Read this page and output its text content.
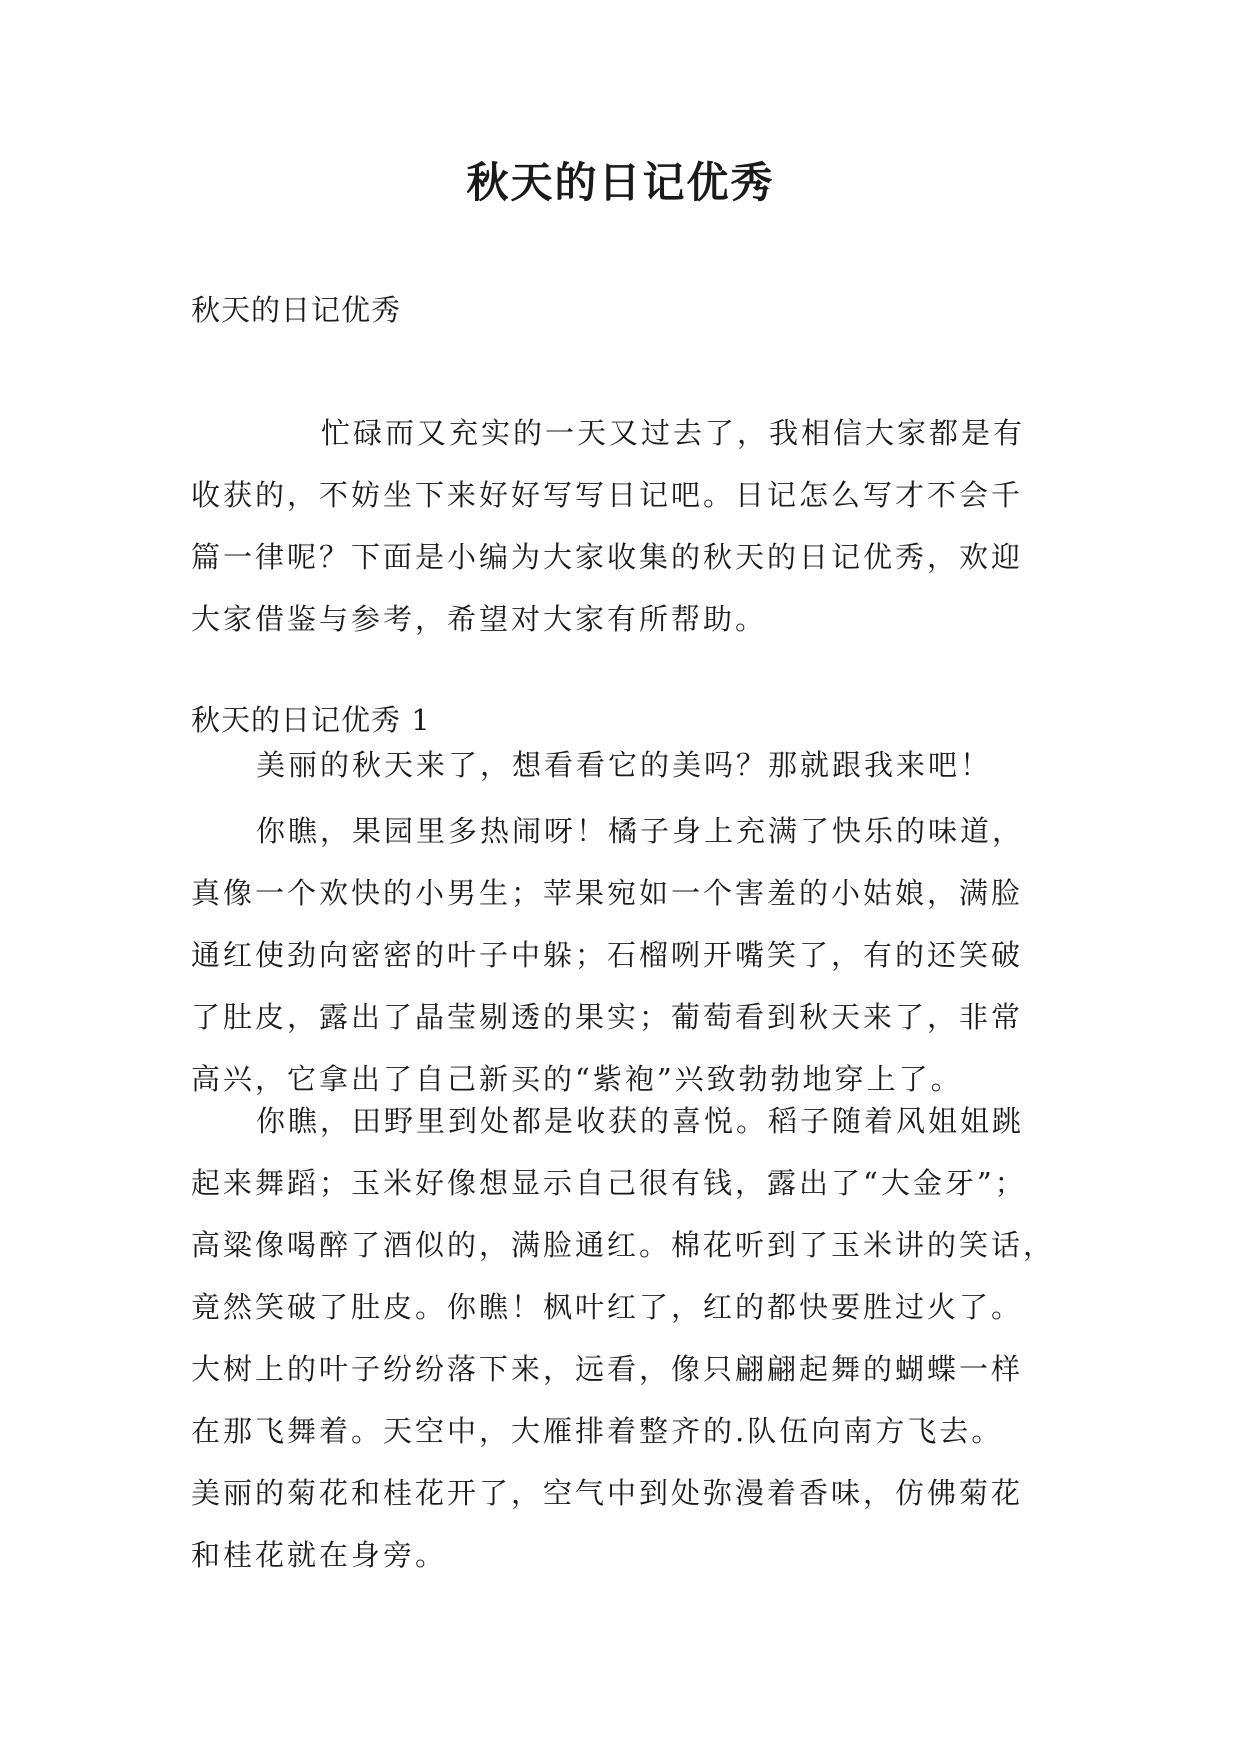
秋天的日记优秀
秋天的日记优秀
忙碌而又充实的一天又过去了，我相信大家都是有
收获的，不妨坐下来好好写写日记吧。日记怎么写才不会千
篇一律呢？下面是小编为大家收集的秋天的日记优秀，欢迎
大家借鉴与参考，希望对大家有所帮助。
秋天的日记优秀 1
美丽的秋天来了，想看看它的美吗？那就跟我来吧！
你瞧，果园里多热闹呀！橘子身上充满了快乐的味道，
真像一个欢快的小男生；苹果宛如一个害羞的小姑娘，满脸
通红使劲向密密的叶子中躲；石榴咧开嘴笑了，有的还笑破
了肚皮，露出了晶莹剔透的果实；葡萄看到秋天来了，非常
高兴，它拿出了自己新买的“紫袍”兴致勃勃地穿上了。
你瞧，田野里到处都是收获的喜悦。稻子随着风姐姐跳
起来舞蹈；玉米好像想显示自己很有钱，露出了“大金牙”；
高粱像喝醉了酒似的，满脸通红。棉花听到了玉米讲的笑话，
竟然笑破了肚皮。你瞧！枫叶红了，红的都快要胜过火了。
大树上的叶子纷纷落下来，远看，像只翩翩起舞的蝴蝶一样
在那飞舞着。天空中，大雁排着整齐的.队伍向南方飞去。
美丽的菊花和桂花开了，空气中到处弥漫着香味，仿佛菊花
和桂花就在身旁。
